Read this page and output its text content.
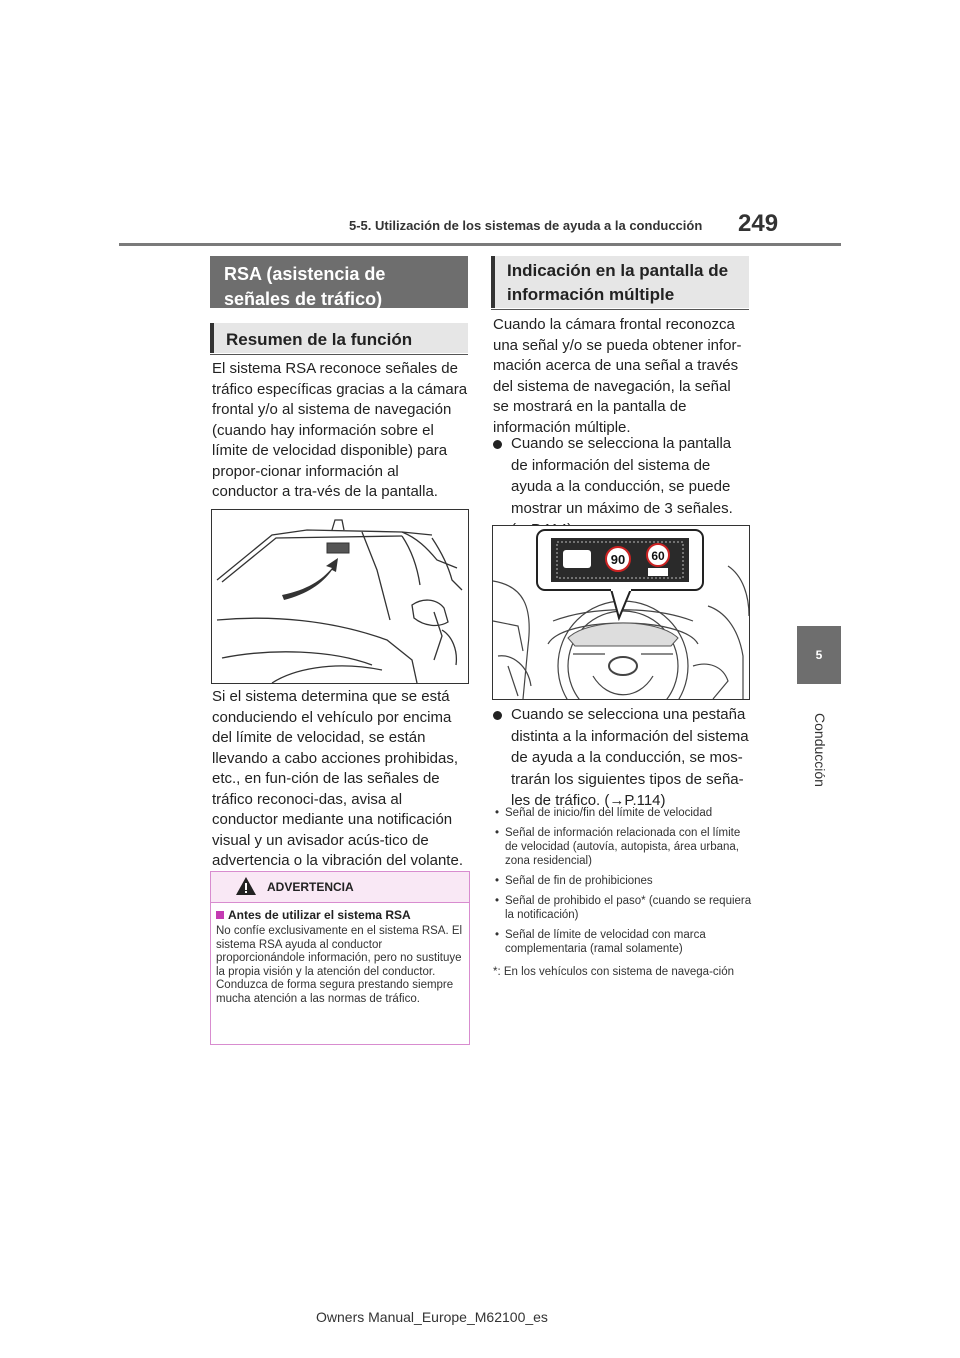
5-5. Utilización de los sistemas de ayuda a la conducción 249
5
Conducción
RSA (asistencia de señales de tráfico)
Resumen de la función
El sistema RSA reconoce señales de tráfico específicas gracias a la cámara frontal y/o al sistema de navegación (cuando hay información sobre el límite de velocidad disponible) para propor-cionar información al conductor a tra-vés de la pantalla.
Si el sistema determina que se está conduciendo el vehículo por encima del límite de velocidad, se están llevando a cabo acciones prohibidas, etc., en fun-ción de las señales de tráfico reconoci-das, avisa al conductor mediante una notificación visual y un avisador acús-tico de advertencia o la vibración del volante.
ADVERTENCIA
Antes de utilizar el sistema RSA
No confíe exclusivamente en el sistema RSA. El sistema RSA ayuda al conductor proporcionándole información, pero no sustituye la propia visión y la atención del conductor. Conduzca de forma segura prestando siempre mucha atención a las normas de tráfico.
Indicación en la pantalla de información múltiple
Cuando la cámara frontal reconozca una señal y/o se pueda obtener infor-mación acerca de una señal a través del sistema de navegación, la señal se mostrará en la pantalla de información múltiple.
Cuando se selecciona la pantalla de información del sistema de ayuda a la conducción, se puede mostrar un máximo de 3 señales.
90 60
Cuando se selecciona una pestaña distinta a la información del sistema de ayuda a la conducción, se mos-trarán los siguientes tipos de seña-les de tráfico. (→P.114)
• Señal de inicio/fin del límite de velocidad
• Señal de información relacionada con el límite de velocidad (autovía, autopista, área urbana, zona residencial)
• Señal de fin de prohibiciones
• Señal de prohibido el paso* (cuando se requiera la notificación)
• Señal de límite de velocidad con marca complementaria (ramal solamente)
*: En los vehículos con sistema de navega-ción
Owners Manual_Europe_M62100_es
